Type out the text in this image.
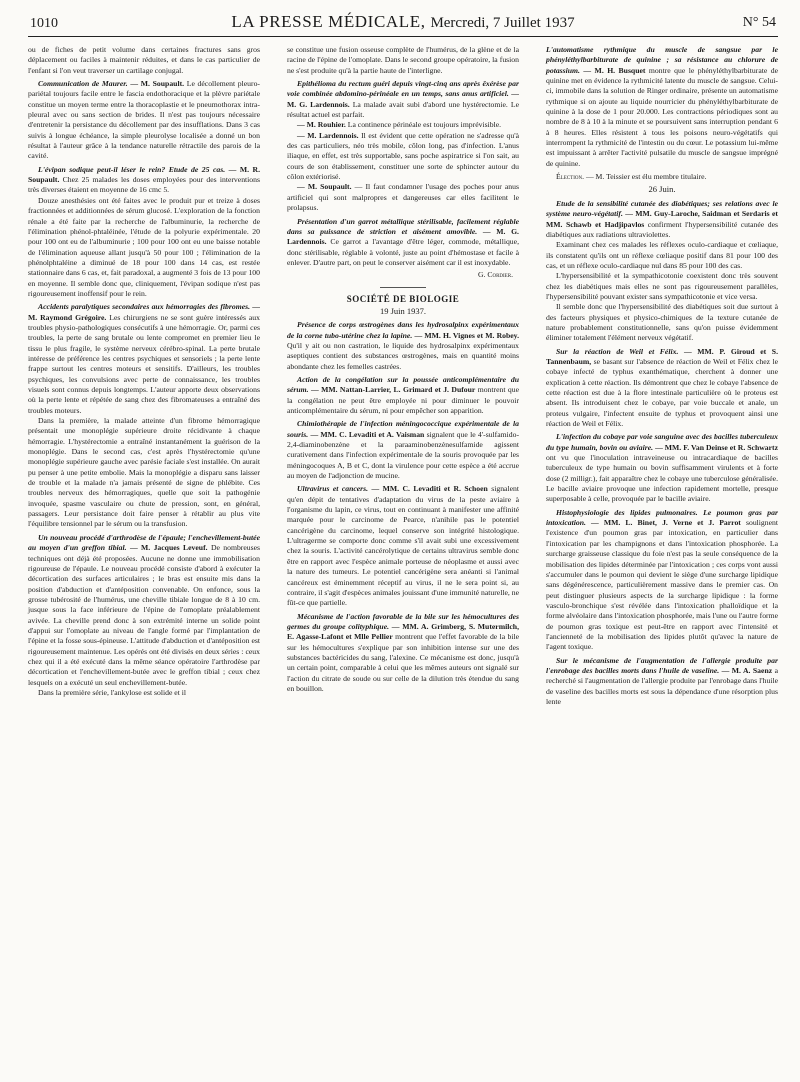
1010	LA PRESSE MÉDICALE, Mercredi, 7 Juillet 1937	N° 54

ou de fiches de petit volume dans certaines fractures sans gros déplacement ou faciles à maintenir réduites, et dans le cas particulier de l'enfant si l'on veut traverser un cartilage conjugal.

Communication de Maurer. — M. Soupault. Le décollement pleuro-pariétal toujours facile entre le fascia endothoracique et la plèvre pariétale constitue un moyen terme entre la thoracoplastie et le pneumothorax intra-pleural avec ou sans section de brides. Il n'est pas toujours nécessaire d'entretenir la persistance du décollement par des insufflations. Dans 3 cas suivis à longue échéance, la simple pleurolyse localisée a donné un bon résultat à l'auteur grâce à la tendance naturelle rétractile des parois de la cavité.

L'évipan sodique peut-il léser le rein? Etude de 25 cas. — M. R. Soupault. Chez 25 malades les doses employées pour des interventions très diverses étaient en moyenne de 16 cmc 5.

Douze anesthésies ont été faites avec le produit pur et treize à doses fractionnées et additionnées de sérum glucosé. L'exploration de la fonction rénale a été faite par la recherche de l'albuminurie, la recherche de l'élimination phénol-phtaléinée, l'étude de la polyurie expérimentale. 20 pour 100 ont eu de l'albuminurie ; 100 pour 100 ont eu une baisse notable de l'élimination aqueuse allant jusqu'à 50 pour 100 ; l'élimination de la phénolphtaléine a diminué de 18 pour 100 dans 14 cas, est restée stationnaire dans 6 cas, et, fait paradoxal, a augmenté 3 fois de 13 pour 100 en moyenne. Il semble donc que, cliniquement, l'évipan sodique n'est pas rigoureusement inoffensif pour le rein.

Accidents paralytiques secondaires aux hémorragies des fibromes. — M. Raymond Grégoire. Les chirurgiens ne se sont guère intéressés aux troubles physio-pathologiques consécutifs à une hémorragie. Or, parmi ces troubles, la perte de sang brutale ou lente compromet en premier lieu le tissu le plus fragile, le système nerveux cérébro-spinal. La perte brutale intéresse de préférence les centres psychiques et sensoriels ; la perte lente frappe surtout les centres moteurs et sensitifs. D'ailleurs, les troubles psychiques, les convulsions avec perte de connaissance, les troubles visuels sont connus depuis longtemps. L'auteur apporte deux observations où la perte lente et répétée de sang chez des fibromateuses a entraîné des troubles moteurs.

Dans la première, la malade atteinte d'un fibrome hémorragique présentait une monoplégie supérieure droite récidivante à chaque hémorragie. L'hystérectomie a entraîné instantanément la guérison de la monoplégie. Dans le second cas, c'est après l'hystérectomie qu'une monoplégie supérieure gauche avec parésie faciale s'est installée. On aurait pu penser à une petite embolie. Mais la monoplégie a disparu sans laisser de trouble et la malade n'a jamais présenté de signe de phlébite. Ces troubles nerveux des hémorragiques, quelle que soit la pathogénie invoquée, spasme vasculaire ou chute de pression, sont, en général, passagers. Leur persistance doit faire penser à rétablir au plus vite l'équilibre tensionnel par le sérum ou la transfusion.

Un nouveau procédé d'arthrodèse de l'épaule; l'enchevillement-butée au moyen d'un greffon tibial. — M. Jacques Leveuf. De nombreuses techniques ont déjà été proposées. Aucune ne donne une immobilisation rigoureuse de l'épaule. Le nouveau procédé consiste d'abord à exécuter la décortication des surfaces articulaires ; le bras est ensuite mis dans la position d'abduction et d'antéposition convenable. On enfonce, sous la grosse tubérosité de l'humérus, une cheville tibiale longue de 8 à 10 cm. jusque sous la face inférieure de l'épine de l'omoplate préalablement avivée. La cheville prend donc à son extrémité interne un solide point d'appui sur l'omoplate au niveau de l'angle formé par l'implantation de l'épine et la fosse sous-épineuse. L'attitude d'abduction et d'antéposition est rigoureusement maintenue. Les opérés ont été divisés en deux séries : ceux chez qui il a été exécuté dans la même séance opératoire l'arthrodèse par décortication et l'enchevillement-butée avec le greffon tibial ; ceux chez lesquels on a exécuté un seul enchevillement-butée.

Dans la première série, l'ankylose est solide et il

se constitue une fusion osseuse complète de l'humérus, de la glène et de la racine de l'épine de l'omoplate. Dans le second groupe opératoire, la fusion ne s'est produite qu'à la partie haute de l'interligne.

Epithélioma du rectum guéri depuis vingt-cinq ans après êxérèse par voie combinée abdomino-périnéale en un temps, sans anus artificiel. — M. G. Lardennois. La malade avait subi d'abord une hystérectomie. Le résultat actuel est parfait.

— M. Rouhier. La continence périnéale est toujours imprévisible.

— M. Lardennois. Il est évident que cette opération ne s'adresse qu'à des cas particuliers, néo très mobile, côlon long, pas d'infection. L'anus iliaque, en effet, est très supportable, sans poche aspiratrice si l'on sait, au cours de son établissement, constituer une sorte de sphincter autour du côlon extériorisé.

— M. Soupault. — Il faut condamner l'usage des poches pour anus artificiel qui sont malpropres et dangereuses car elles facilitent le prolapsus.

Présentation d'un garrot métallique stérilisable, facilement réglable dans sa puissance de striction et aisément amovible. — M. G. Lardennois. Ce garrot a l'avantage d'être léger, commode, métallique, donc stérilisable, réglable à volonté, juste au point d'hémostase et facile à enlever. D'autre part, on peut le conserver aisément car il est inoxydable.

G. Cordier.
SOCIÉTÉ DE BIOLOGIE
19 Juin 1937.

Présence de corps œstrogènes dans les hydrosalpinx expérimentaux de la corne tubo-utérine chez la lapine. — MM. H. Vignes et M. Robey. Qu'il y ait ou non castration, le liquide des hydrosalpinx expérimentaux aseptiques contient des substances œstrogènes, mais en quantité moins abondante chez les femelles castrées.

Action de la congélation sur la poussée anticomplémentaire du sérum. — MM. Nattan-Larrier, L. Grimard et J. Dufour montrent que la congélation ne peut être employée ni pour diminuer le pouvoir anticomplémentaire du sérum, ni pour empêcher son apparition.

Chimiothérapie de l'infection méningococcique expérimentale de la souris. — MM. C. Levaditi et A. Vaisman signalent que le 4'-sulfamido-2,4-diaminobenzène et la paraaminobenzènesulfamide agissent curativement dans l'infection expérimentale de la souris provoquée par les méningocoques A, B et C, dont la virulence pour cette espèce a été accrue au moyen de l'adjonction de mucine.

Ultravirus et cancers. — MM. C. Levaditi et R. Schoen signalent qu'en dépit de tentatives d'adaptation du virus de la peste aviaire à l'organisme du lapin, ce virus, tout en continuant à manifester une affinité marquée pour le carcinome de Pearce, n'anihile pas le potentiel cancérigène du carcinome, lequel conserve son intégrité histologique. L'ultragerme se comporte donc comme s'il avait subi une excessivement chez la souris. L'activité cancérolytique de certains ultravirus semble donc être en rapport avec l'espèce animale porteuse de néoplasme et aussi avec la nature des tumeurs. Le potentiel cancérigène sera anéanti si l'animal cancéreux est éminemment réceptif au virus, il ne le sera point si, au contraire, il s'agit d'espèces animales jouissant d'une immunité naturelle, ne fût-ce que partielle.

Mécanisme de l'action favorable de la bile sur les hémocultures des germes du groupe colityphique. — MM. A. Grimberg, S. Mutermilch, E. Agasse-Lafont et Mlle Pellier montrent que l'effet favorable de la bile sur les hémocultures s'explique par son inhibition intense sur une des substances bactéricides du sang, l'alexine. Ce mécanisme est donc, jusqu'à un certain point, comparable à celui que les mêmes auteurs ont signalé sur l'action du citrate de soude ou sur celle de la dilution très étendue du sang en bouillon.

L'automatisme rythmique du muscle de sangsue par le phényléthylbarbiturate de quinine ; sa résistance au chlorure de potassium. — M. H. Busquet montre que le phényléthylbarbiturate de quinine met en évidence la rythmicité latente du muscle de sangsue. Celui-ci, immobile dans la solution de Ringer ordinaire, présente un automatisme rythmique si on ajoute au liquide nourricier du phényléthylbarbiturate de quinine à la dose de 1 pour 20.000. Les contractions périodiques sont au nombre de 8 à 10 à la minute et se poursuivent sans interruption pendant 6 à 8 heures. Elles résistent à tous les poisons neuro-végétatifs qui interrompent la rythmicité de l'intestin ou du cœur. Le potassium lui-même est impuissant à arrêter l'activité pulsatile du muscle de sangsue imprégné de quinine.

Élection. — M. Teissier est élu membre titulaire.

26 Juin.

Etude de la sensibilité cutanée des diabétiques; ses relations avec le système neuro-végétatif. — MM. Guy-Laroche, Saidman et Serdaris et MM. Schawb et Hadjipavlos confirment l'hypersensibilité cutanée des diabétiques aux radiations ultraviolettes.

Examinant chez ces malades les réflexes oculo-cardiaque et cœliaque, ils constatent qu'ils ont un réflexe cœliaque positif dans 81 pour 100 des cas, et un réflexe oculo-cardiaque nul dans 85 pour 100 des cas.

L'hypersensibilité et la sympathicotonie coexistent donc très souvent chez les diabétiques mais elles ne sont pas rigoureusement parallèles, l'hypersensibilité pouvant exister sans sympathicotonie et vice versa.

Il semble donc que l'hypersensibilité des diabétiques soit due surtout à des facteurs physiques et physico-chimiques de la texture cutanée de nature probablement constitutionnelle, sans qu'on puisse évidemment éliminer totalement l'élément nerveux végétatif.

Sur la réaction de Weil et Félix. — MM. P. Giroud et S. Tannenbaum, se basant sur l'absence de réaction de Weil et Félix chez le cobaye infecté de typhus exanthématique, cherchent à donner une explication à cette réaction. Ils démontrent que chez le cobaye l'absence de cette réaction est due à la flore intestinale particulière où le proteus est absent. Ils introduisent chez le cobaye, par voie buccale et anale, un proteus vulgaire, l'infectent ensuite de typhus et provoquent ainsi une réaction de Weil et Félix.

L'infection du cobaye par voie sanguine avec des bacilles tuberculeux du type humain, bovin ou aviaire. — MM. F. Van Deinse et R. Schwartz ont vu que l'inoculation intraveineuse ou intracardiaque de bacilles tuberculeux de type humain ou bovin suffisamment virulents et à forte dose (2 milligr.), fait apparaître chez le cobaye une tuberculose généralisée. Le bacille aviaire provoque une infection rapidement mortelle, presque superposable à celle, provoquée par le bacille aviaire.

Histophysiologie des lipides pulmonaires. Le poumon gras par intoxication. — MM. L. Binet, J. Verne et J. Parrot soulignent l'existence d'un poumon gras par intoxication, en particulier dans l'intoxication par les champignons et dans l'intoxication phosphorée. La surcharge graisseuse classique du foie n'est pas la seule conséquence de la mobilisation des lipides déterminée par l'intoxication ; ces corps vont aussi s'accumuler dans le poumon qui devient le siège d'une surcharge lipidique sans dégénérescence, particulièrement massive dans le premier cas. On peut distinguer plusieurs aspects de la surcharge lipidique : la forme vasculo-bronchique s'est révélée dans l'intoxication phalloïdique et la forme alvéolaire dans l'intoxication phosphorée, mais l'une ou l'autre forme de poumon gras toxique est peut-être en rapport avec l'intensité et l'ancienneté de la mobilisation des lipides plutôt qu'avec la nature de l'agent toxique.

Sur le mécanisme de l'augmentation de l'allergie produite par l'enrobage des bacilles morts dans l'huile de vaseline. — M. A. Saenz a recherché si l'augmentation de l'allergie produite par l'enrobage dans l'huile de vaseline des bacilles morts est sous la dépendance d'une résorption plus lente
